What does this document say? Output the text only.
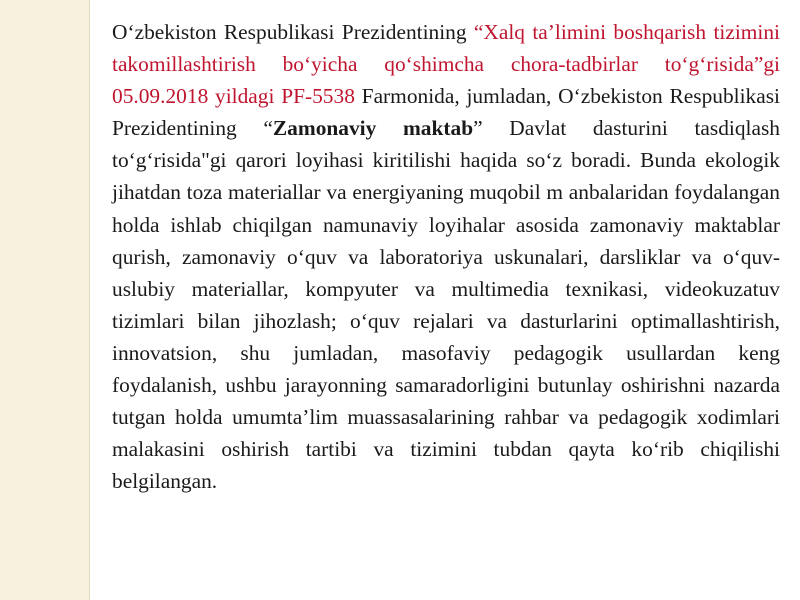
O‘zbekiston Respublikasi Prezidentining “Xalq ta’limini boshqarish tizimini takomillashtirish bo‘yicha qo‘shimcha chora-tadbirlar to‘g‘risida”gi 05.09.2018 yildagi PF-5538 Farmonida, jumladan, O‘zbekiston Respublikasi Prezidentining “Zamonaviy maktab” Davlat dasturini tasdiqlash to‘g‘risida"gi qarori loyihasi kiritilishi haqida so‘z boradi. Bunda ekologik jihatdan toza materiallar va energiyaning muqobil m anbalaridan foydalangan holda ishlab chiqilgan namunaviy loyihalar asosida zamonaviy maktablar qurish, zamonaviy o‘quv va laboratoriya uskunalari, darsliklar va o‘quv-uslubiy materiallar, kompyuter va multimedia texnikasi, videokuzatuv tizimlari bilan jihozlash; o‘quv rejalari va dasturlarini optimallashtirish, innovatsion, shu jumladan, masofaviy pedagogik usullardan keng foydalanish, ushbu jarayonning samaradorligini butunlay oshirishni nazarda tutgan holda umumta’lim muassasalarining rahbar va pedagogik xodimlari malakasini oshirish tartibi va tizimini tubdan qayta ko‘rib chiqilishi belgilangan.
